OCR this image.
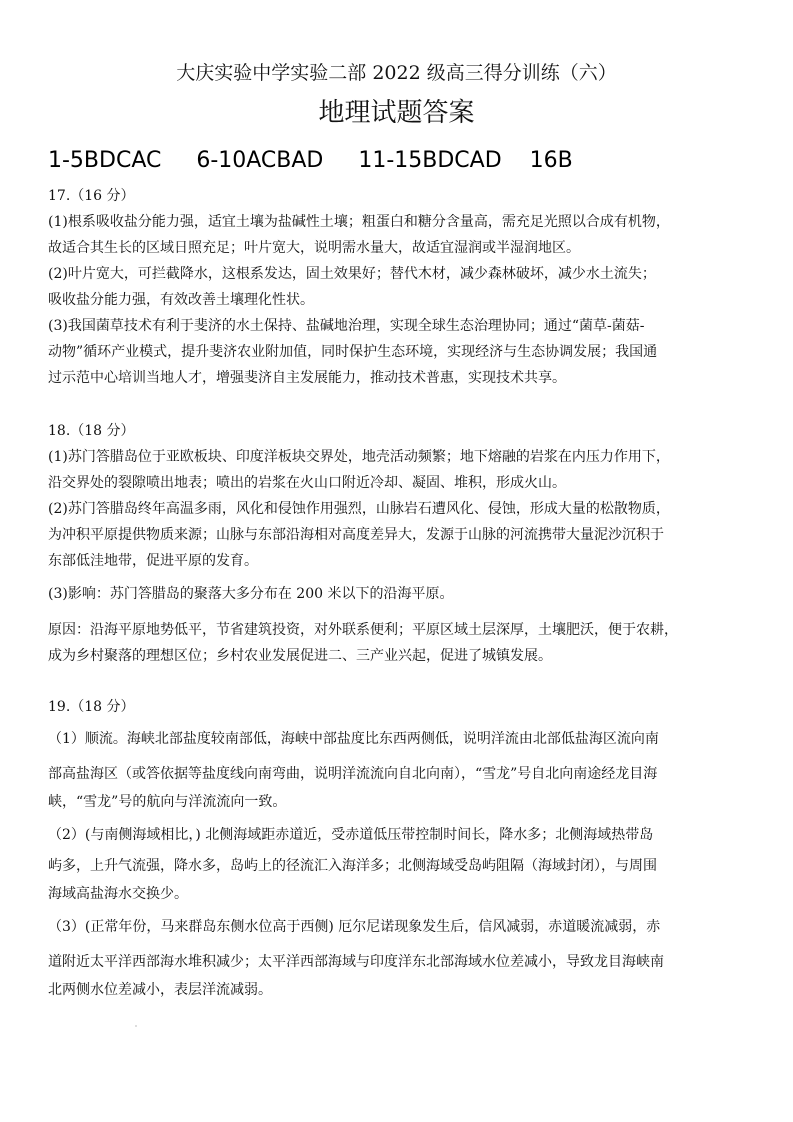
大庆实验中学实验二部 2022 级高三得分训练（六）
地理试题答案
1-5BDCAC     6-10ACBAD     11-15BDCAD    16B
17.（16 分）
(1)根系吸收盐分能力强，适宜土壤为盐碱性土壤；粗蛋白和糖分含量高，需充足光照以合成有机物，
故适合其生长的区域日照充足；叶片宽大，说明需水量大，故适宜湿润或半湿润地区。
(2)叶片宽大，可拦截降水，这根系发达，固土效果好；替代木材，减少森林破坏，减少水土流失；
吸收盐分能力强，有效改善土壤理化性状。
(3)我国菌草技术有利于斐济的水土保持、盐碱地治理，实现全球生态治理协同；通过“菌草-菌菇-
动物”循环产业模式，提升斐济农业附加值，同时保护生态环境，实现经济与生态协调发展；我国通
过示范中心培训当地人才，增强斐济自主发展能力，推动技术普惠，实现技术共享。
18.（18 分）
(1)苏门答腊岛位于亚欧板块、印度洋板块交界处，地壳活动频繁；地下熔融的岩浆在内压力作用下，
沿交界处的裂隙喷出地表；喷出的岩浆在火山口附近冷却、凝固、堆积，形成火山。
(2)苏门答腊岛终年高温多雨，风化和侵蚀作用强烈，山脉岩石遭风化、侵蚀，形成大量的松散物质，
为冲积平原提供物质来源；山脉与东部沿海相对高度差异大，发源于山脉的河流携带大量泥沙沉积于
东部低洼地带，促进平原的发育。
(3)影响：苏门答腊岛的聚落大多分布在 200 米以下的沿海平原。
原因：沿海平原地势低平，节省建筑投资，对外联系便利；平原区域土层深厚，土壤肥沃，便于农耕，
成为乡村聚落的理想区位；乡村农业发展促进二、三产业兴起，促进了城镇发展。
19.（18 分）
（1）顺流。海峡北部盐度较南部低，海峡中部盐度比东西两侧低，说明洋流由北部低盐海区流向南
部高盐海区（或答依据等盐度线向南弯曲，说明洋流流向自北向南），“雪龙”号自北向南途经龙目海
峡，“雪龙”号的航向与洋流流向一致。
（2）(与南侧海域相比，) 北侧海域距赤道近，受赤道低压带控制时间长，降水多；北侧海域热带岛
屿多，上升气流强，降水多，岛屿上的径流汇入海洋多；北侧海域受岛屿阻隔（海域封闭），与周围
海域高盐海水交换少。
（3）(正常年份，马来群岛东侧水位高于西侧) 厄尔尼诺现象发生后，信风减弱，赤道暖流减弱，赤
道附近太平洋西部海水堆积减少；太平洋西部海域与印度洋东北部海域水位差减小，导致龙目海峡南
北两侧水位差减小，表层洋流减弱。
